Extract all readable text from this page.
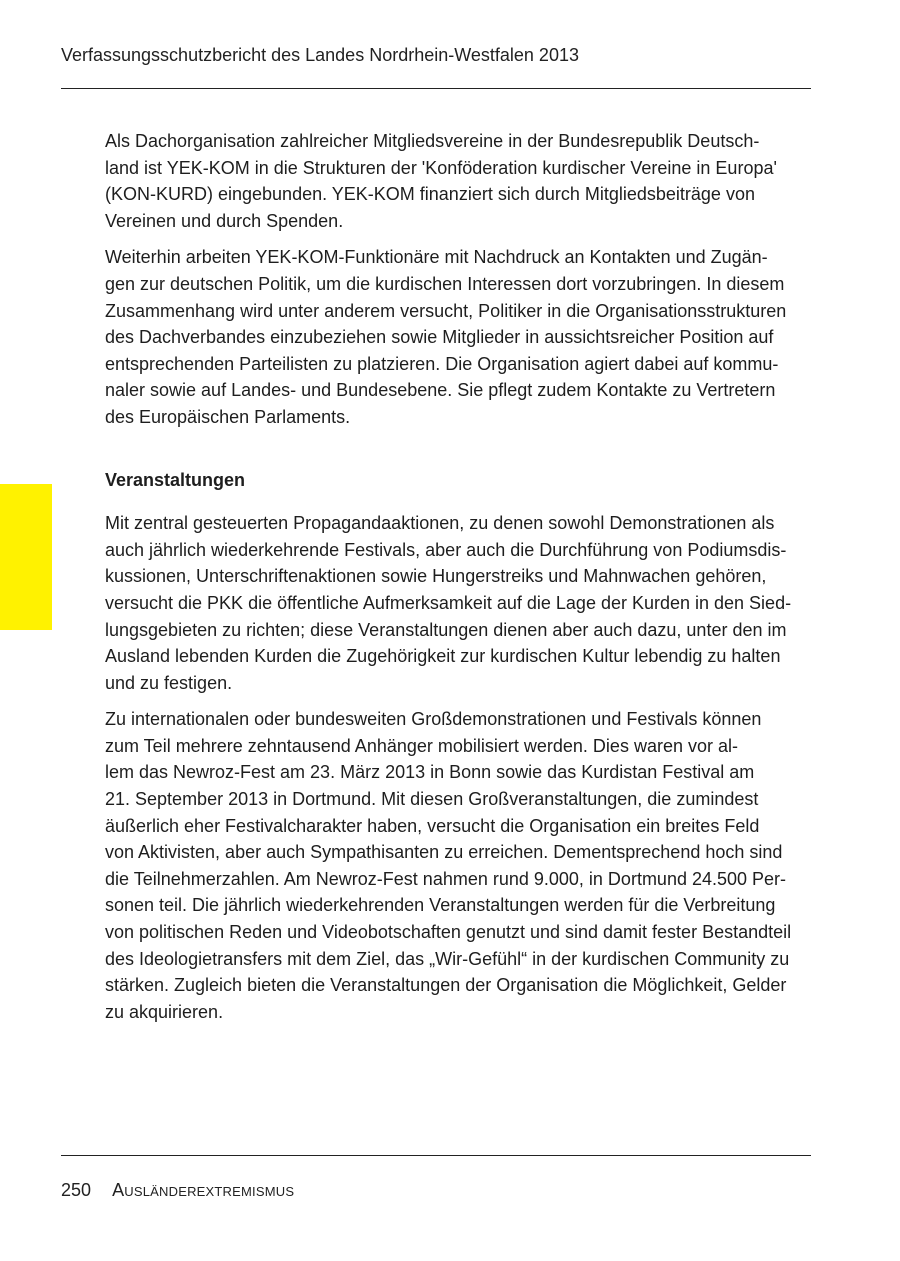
Verfassungsschutzbericht des Landes Nordrhein-Westfalen 2013
Als Dachorganisation zahlreicher Mitgliedsvereine in der Bundesrepublik Deutsch-
land ist YEK-KOM in die Strukturen der 'Konföderation kurdischer Vereine in Europa'
(KON-KURD) eingebunden. YEK-KOM finanziert sich durch Mitgliedsbeiträge von
Vereinen und durch Spenden.
Weiterhin arbeiten YEK-KOM-Funktionäre mit Nachdruck an Kontakten und Zugän-
gen zur deutschen Politik, um die kurdischen Interessen dort vorzubringen. In diesem
Zusammenhang wird unter anderem versucht, Politiker in die Organisationsstrukturen
des Dachverbandes einzubeziehen sowie Mitglieder in aussichtsreicher Position auf
entsprechenden Parteilisten zu platzieren. Die Organisation agiert dabei auf kommu-
naler sowie auf Landes- und Bundesebene. Sie pflegt zudem Kontakte zu Vertretern
des Europäischen Parlaments.
Veranstaltungen
Mit zentral gesteuerten Propagandaaktionen, zu denen sowohl Demonstrationen als
auch jährlich wiederkehrende Festivals, aber auch die Durchführung von Podiumsdis-
kussionen, Unterschriftenaktionen sowie Hungerstreiks und Mahnwachen gehören,
versucht die PKK die öffentliche Aufmerksamkeit auf die Lage der Kurden in den Sied-
lungsgebieten zu richten; diese Veranstaltungen dienen aber auch dazu, unter den im
Ausland lebenden Kurden die Zugehörigkeit zur kurdischen Kultur lebendig zu halten
und zu festigen.
Zu internationalen oder bundesweiten Großdemonstrationen und Festivals können
zum Teil mehrere zehntausend Anhänger mobilisiert werden. Dies waren vor al-
lem das Newroz-Fest am 23. März 2013 in Bonn sowie das Kurdistan Festival am
21. September 2013 in Dortmund. Mit diesen Großveranstaltungen, die zumindest
äußerlich eher Festivalcharakter haben, versucht die Organisation ein breites Feld
von Aktivisten, aber auch Sympathisanten zu erreichen. Dementsprechend hoch sind
die Teilnehmerzahlen. Am Newroz-Fest nahmen rund 9.000, in Dortmund 24.500 Per-
sonen teil. Die jährlich wiederkehrenden Veranstaltungen werden für die Verbreitung
von politischen Reden und Videobotschaften genutzt und sind damit fester Bestandteil
des Ideologietransfers mit dem Ziel, das „Wir-Gefühl“ in der kurdischen Community zu
stärken. Zugleich bieten die Veranstaltungen der Organisation die Möglichkeit, Gelder
zu akquirieren.
250 Ausländerextremismus
